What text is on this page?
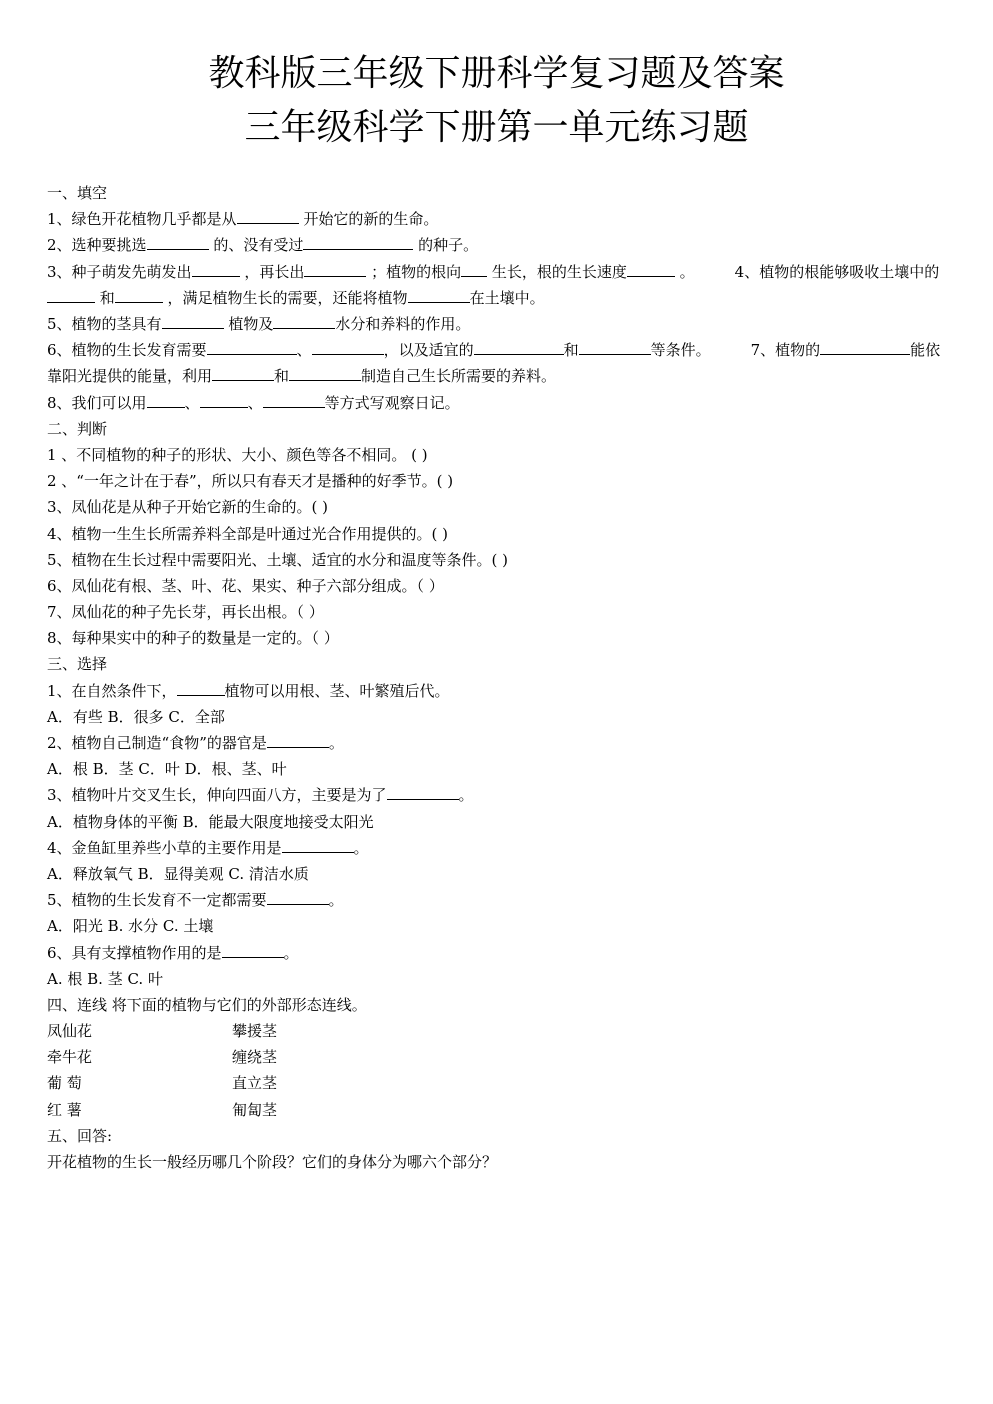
教科版三年级下册科学复习题及答案
三年级科学下册第一单元练习题
一、填空
1、绿色开花植物几乎都是从	开始它的新的生命。
2、选种要挑选	的、没有受过	的种子。
3、种子萌发先萌发出	，再长出	；植物的根向 生长，根的生长速度	。	4、植物的根能够吸收土壤中的 和	，满足植物生长的需要，还能将植物	在土壤中。
5、植物的茎具有	植物及	水分和养料的作用。
6、植物的生长发育需要	、	，以及适宜的	和	等条件。	7、植物的	能依靠阳光提供的能量，利用	和	制造自己生长所需要的养料。
8、我们可以用	、	、	等方式写观察日记。
二、判断
1 、不同植物的种子的形状、大小、颜色等各不相同。 ( )
2 、“一年之计在于春”，所以只有春天才是播种的好季节。( )
3、凤仙花是从种子开始它新的生命的。( )
4、植物一生生长所需养料全部是叶通过光合作用提供的。( )
5、植物在生长过程中需要阳光、土壤、适宜的水分和温度等条件。( )
6、凤仙花有根、茎、叶、花、果实、种子六部分组成。（ ）
7、凤仙花的种子先长芽，再长出根。（ ）
8、每种果实中的种子的数量是一定的。（ ）
三、选择
1、在自然条件下，	植物可以用根、茎、叶繁殖后代。
A．有些 B．很多 C．全部
2、植物自己制造“食物”的器官是	。
A．根 B．茎 C．叶 D．根、茎、叶
3、植物叶片交叉生长，伸向四面八方，主要是为了	。
A．植物身体的平衡 B．能最大限度地接受太阳光
4、金鱼缸里养些小草的主要作用是	。
A．释放氧气 B．显得美观 C. 清洁水质
5、植物的生长发育不一定都需要	。
A．阳光 B. 水分 C. 土壤
6、具有支撑植物作用的是	。
A. 根 B. 茎 C. 叶
四、连线 将下面的植物与它们的外部形态连线。
凤仙花	攀援茎
牵牛花	缠绕茎
葡 萄	直立茎
红 薯	匍匐茎
五、回答:
开花植物的生长一般经历哪几个阶段？它们的身体分为哪六个部分？
